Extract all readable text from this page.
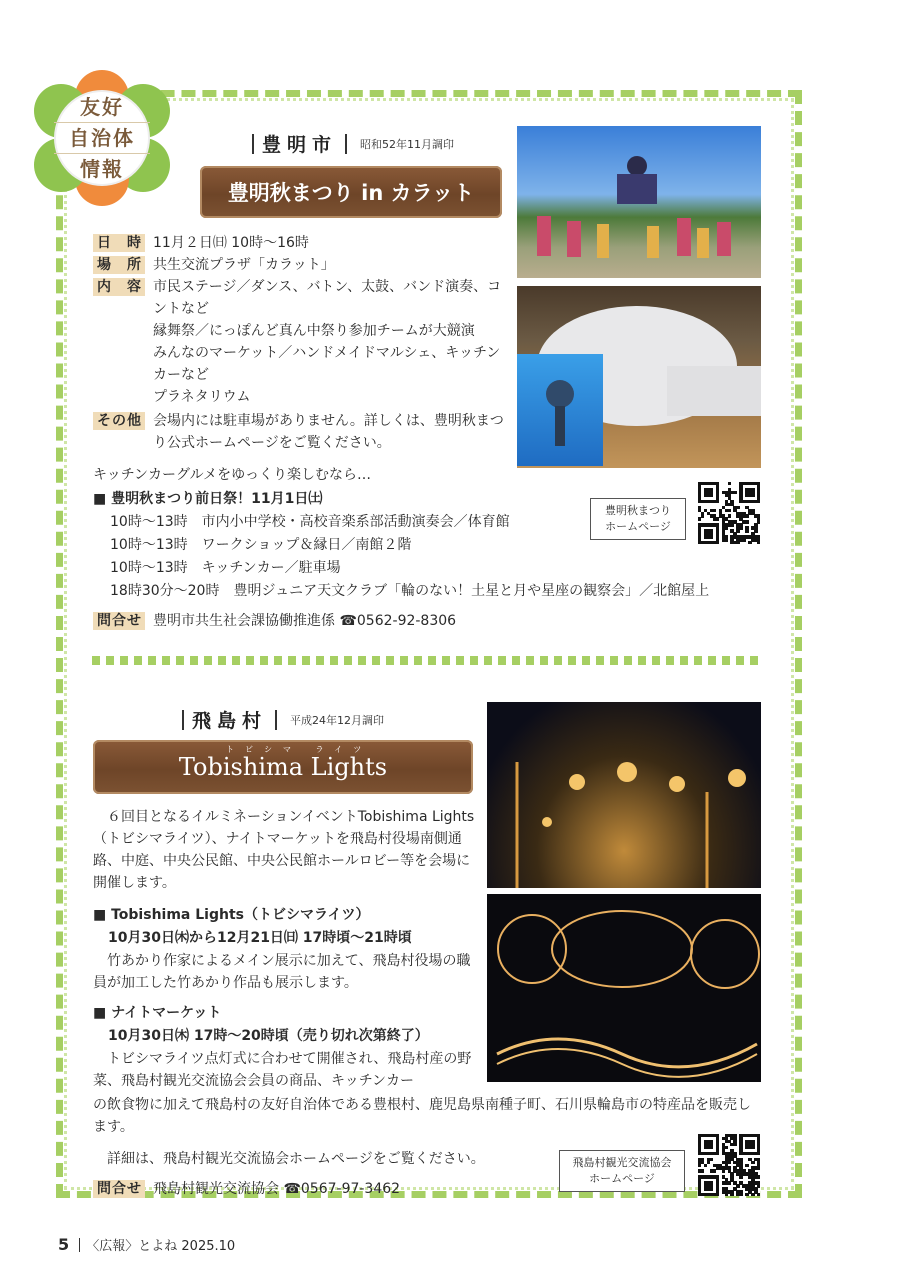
友好
自治体
情報
豊明市	昭和52年11月調印
豊明秋まつり in カラット
日　時 11月２日㈰ 10時〜16時
場　所 共生交流プラザ「カラット」
内　容 市民ステージ／ダンス、バトン、太鼓、バンド演奏、コントなど
縁舞祭／にっぽんど真ん中祭り参加チームが大競演
みんなのマーケット／ハンドメイドマルシェ、キッチンカーなど
プラネタリウム
その他 会場内には駐車場がありません。詳しくは、豊明秋まつり公式ホームページをご覧ください。
キッチンカーグルメをゆっくり楽しむなら…
■ 豊明秋まつり前日祭！11月1日㈯
10時〜13時　市内小中学校・高校音楽系部活動演奏会／体育館
10時〜13時　ワークショップ＆縁日／南館２階
10時〜13時　キッチンカー／駐車場
18時30分〜20時　豊明ジュニア天文クラブ「輪のない！土星と月や星座の観察会」／北館屋上
豊明秋まつり
ホームページ
問合せ 豊明市共生社会課協働推進係 ☎0562-92-8306
飛島村	平成24年12月調印
トビシマ ライツ
Tobishima Lights
６回目となるイルミネーションイベントTobishima Lights（トビシマライツ）、ナイトマーケットを飛島村役場南側通路、中庭、中央公民館、中央公民館ホールロビー等を会場に開催します。
■ Tobishima Lights（トビシマライツ）
10月30日㈭から12月21日㈰ 17時頃〜21時頃
竹あかり作家によるメイン展示に加えて、飛島村役場の職員が加工した竹あかり作品も展示します。
■ ナイトマーケット
10月30日㈭ 17時〜20時頃（売り切れ次第終了）
トビシマライツ点灯式に合わせて開催され、飛島村産の野菜、飛島村観光交流協会会員の商品、キッチンカー
の飲食物に加えて飛島村の友好自治体である豊根村、鹿児島県南種子町、石川県輪島市の特産品を販売します。
詳細は、飛島村観光交流協会ホームページをご覧ください。
問合せ 飛島村観光交流協会 ☎0567-97-3462
飛島村観光交流協会
ホームページ
5 〈広報〉とよね 2025.10
